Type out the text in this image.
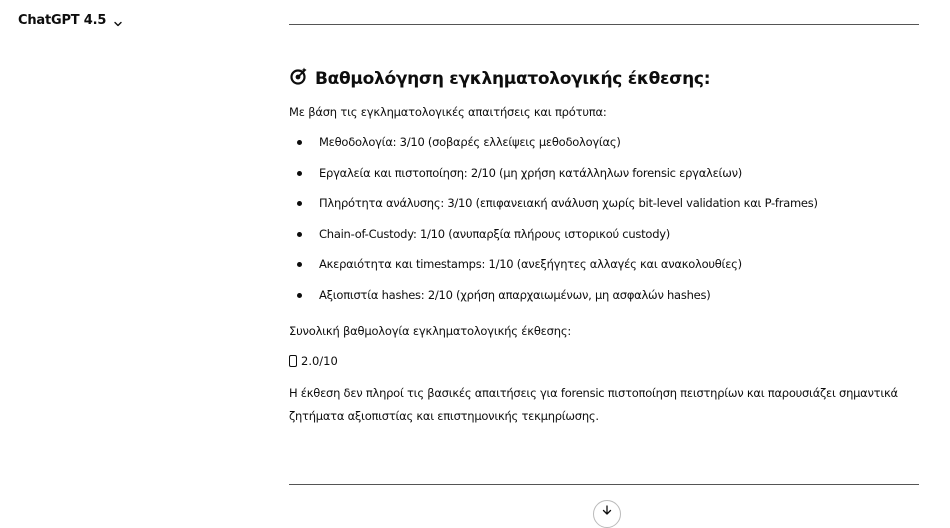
ChatGPT 4.5
Βαθμολόγηση εγκληματολογικής έκθεσης:

Με βάση τις εγκληματολογικές απαιτήσεις και πρότυπα:

Μεθοδολογία: 3/10 (σοβαρές ελλείψεις μεθοδολογίας)
Εργαλεία και πιστοποίηση: 2/10 (μη χρήση κατάλληλων forensic εργαλείων)
Πληρότητα ανάλυσης: 3/10 (επιφανειακή ανάλυση χωρίς bit-level validation και P-frames)
Chain-of-Custody: 1/10 (ανυπαρξία πλήρους ιστορικού custody)
Ακεραιότητα και timestamps: 1/10 (ανεξήγητες αλλαγές και ανακολουθίες)
Αξιοπιστία hashes: 2/10 (χρήση απαρχαιωμένων, μη ασφαλών hashes)

Συνολική βαθμολογία εγκληματολογικής έκθεσης:

2.0/10

Η έκθεση δεν πληροί τις βασικές απαιτήσεις για forensic πιστοποίηση πειστηρίων και παρουσιάζει σημαντικά ζητήματα αξιοπιστίας και επιστημονικής τεκμηρίωσης.
